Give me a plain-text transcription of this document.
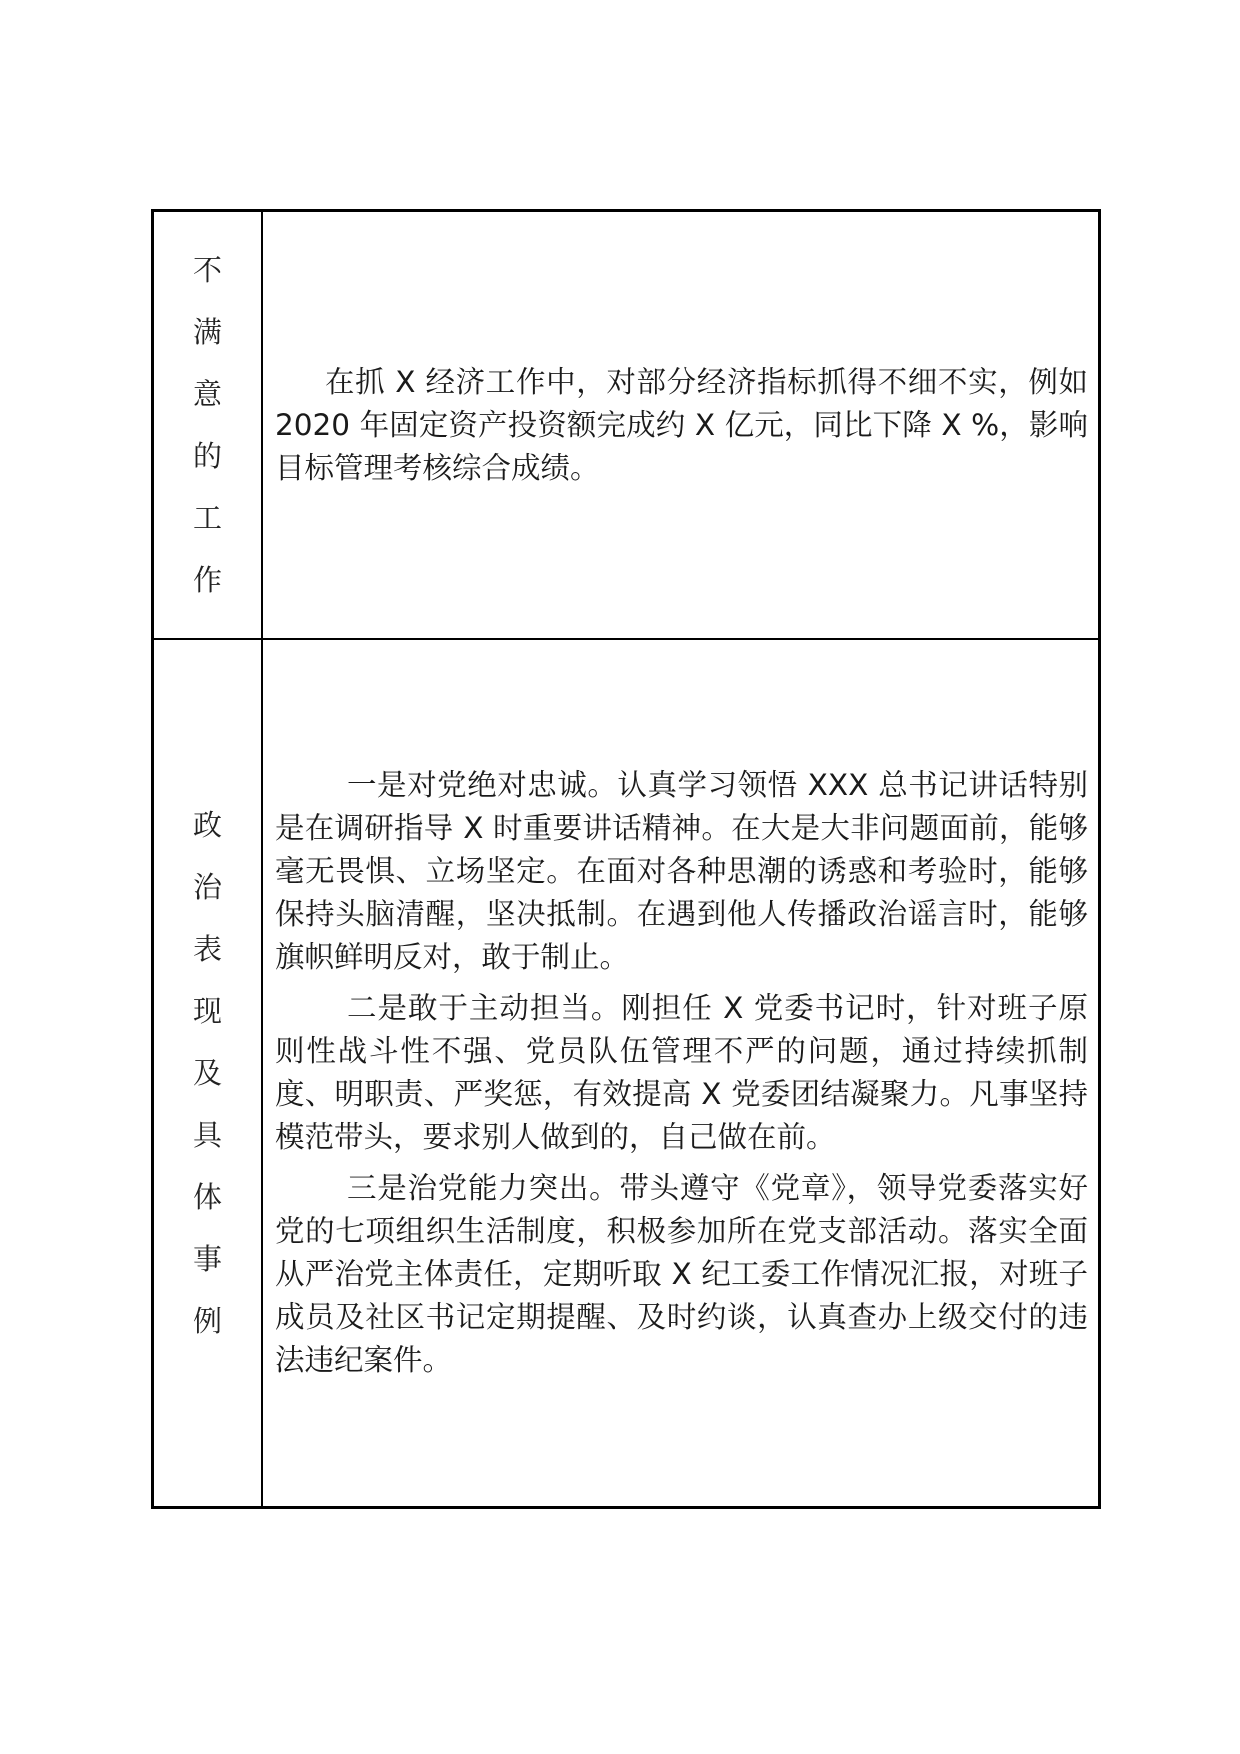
不
满
意
的
工
作

在抓 X 经济工作中，对部分经济指标抓得不细不实，例如 2020 年固定资产投资额完成约 X 亿元，同比下降 X %，影响目标管理考核综合成绩。

政
治
表
现
及
具
体
事
例

一是对党绝对忠诚。认真学习领悟 XXX 总书记讲话特别是在调研指导 X 时重要讲话精神。在大是大非问题面前，能够毫无畏惧、立场坚定。在面对各种思潮的诱惑和考验时，能够保持头脑清醒，坚决抵制。在遇到他人传播政治谣言时，能够旗帜鲜明反对，敢于制止。

二是敢于主动担当。刚担任 X 党委书记时，针对班子原则性战斗性不强、党员队伍管理不严的问题，通过持续抓制度、明职责、严奖惩，有效提高 X 党委团结凝聚力。凡事坚持模范带头，要求别人做到的，自己做在前。

三是治党能力突出。带头遵守《党章》，领导党委落实好党的七项组织生活制度，积极参加所在党支部活动。落实全面从严治党主体责任，定期听取 X 纪工委工作情况汇报，对班子成员及社区书记定期提醒、及时约谈，认真查办上级交付的违法违纪案件。
